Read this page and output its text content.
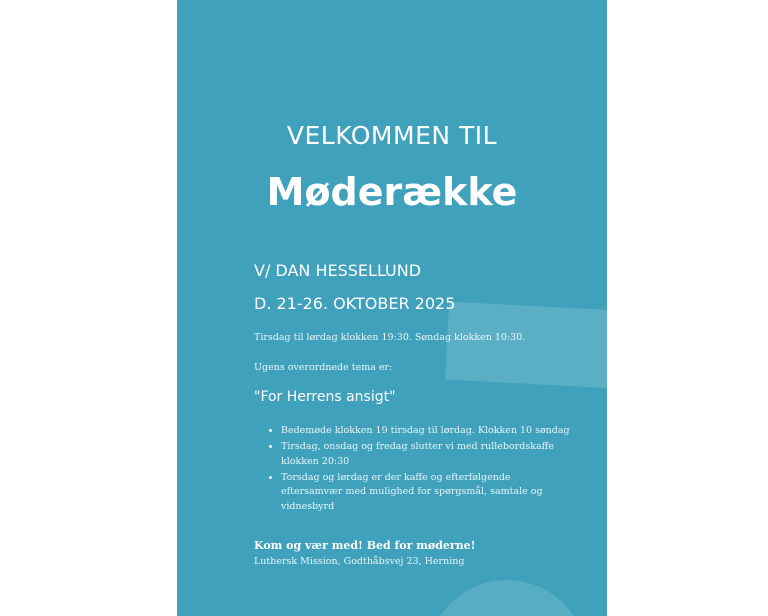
VELKOMMEN TIL
Møderække
V/ DAN HESSELLUND
D. 21-26. OKTOBER 2025
Tirsdag til lørdag klokken 19:30. Søndag klokken 10:30.
Ugens overordnede tema er:
"For Herrens ansigt"
• Bedemøde klokken 19 tirsdag til lørdag. Klokken 10 søndag
• Tirsdag, onsdag og fredag slutter vi med rullebordskaffe klokken 20:30
• Torsdag og lørdag er der kaffe og efterfølgende eftersamvær med mulighed for spørgsmål, samtale og vidnesbyrd
Kom og vær med! Bed for møderne!
Luthersk Mission, Godthåbsvej 23, Herning
